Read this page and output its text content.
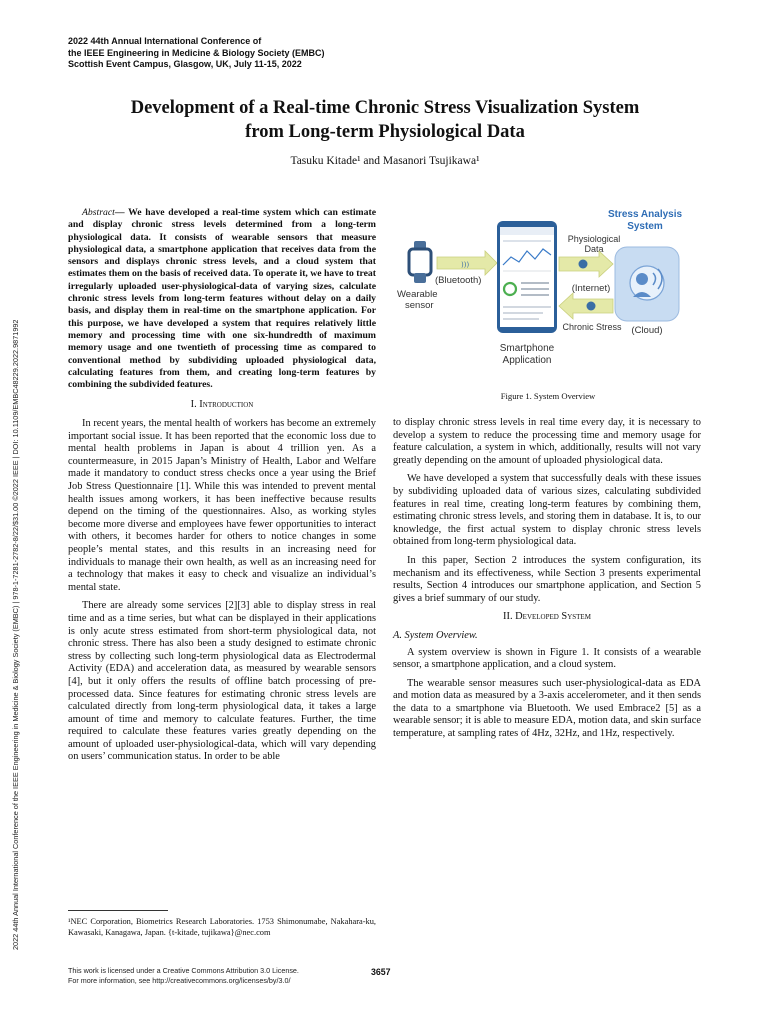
2022 44th Annual International Conference of
the IEEE Engineering in Medicine & Biology Society (EMBC)
Scottish Event Campus, Glasgow, UK, July 11-15, 2022
2022 44th Annual International Conference of the IEEE Engineering in Medicine & Biology Society (EMBC) | 978-1-7281-2782-8/22/$31.00 ©2022 IEEE | DOI: 10.1109/EMBC48229.2022.9871992
Development of a Real-time Chronic Stress Visualization System
from Long-term Physiological Data
Tasuku Kitade¹ and Masanori Tsujikawa¹

Abstract— We have developed a real-time system which can estimate and display chronic stress levels determined from a long-term physiological data. It consists of wearable sensors that measure physiological data, a smartphone application that receives data from the sensors and displays chronic stress levels, and a cloud system that estimates them on the basis of received data. To operate it, we have to treat irregularly uploaded user-physiological-data of varying sizes, calculate chronic stress levels from long-term features without delay on a daily basis, and display them in real-time on the smartphone application. For this purpose, we have developed a system that requires relatively little memory and processing time with one six-hundredth of maximum memory usage and one twentieth of processing time as compared to conventional method by subdividing uploaded physiological data, calculating features from them, and creating long-term features by combining the subdivided features.

I. Introduction

In recent years, the mental health of workers has become an extremely important social issue. It has been reported that the economic loss due to mental health problems in Japan is about 4 trillion yen. As a countermeasure, in 2015 Japan’s Ministry of Health, Labor and Welfare made it mandatory to conduct stress checks once a year using the Brief Job Stress Questionnaire [1]. While this was intended to prevent mental health issues among workers, it has been ineffective because results depend on the timing of the questionnaires. Also, as working styles become more diverse and employees have fewer opportunities to interact with others, it becomes harder for others to notice changes in some people’s mental states, and this results in an increasing need for individuals to manage their own health, as well as an increasing need for a technology that makes it easy to check and visualize an individual’s mental state.

There are already some services [2][3] able to display stress in real time and as a time series, but what can be displayed in their applications is only acute stress estimated from short-term physiological data, not chronic stress. There has also been a study designed to estimate chronic stress by collecting such long-term physiological data as Electrodermal Activity (EDA) and acceleration data, as measured by wearable sensors [4], but it only offers the results of offline batch processing of pre-processed data. Since features for estimating chronic stress levels are calculated directly from long-term physiological data, it takes a large amount of time and memory to calculate features. Further, the time required to calculate these features varies greatly depending on the amount of uploaded user-physiological-data, which will vary depending on users’ communication status. In order to be able

Stress Analysis
System
Wearable
sensor
)))
(Bluetooth)
Smartphone
Application
Physiological
Data
(Internet)
Chronic Stress (Cloud)
Figure 1. System Overview

to display chronic stress levels in real time every day, it is necessary to develop a system to reduce the processing time and memory usage for feature calculation, a system in which, additionally, results will not vary greatly depending on the amount of uploaded physiological data.

We have developed a system that successfully deals with these issues by subdividing uploaded data of various sizes, calculating subdivided features in real time, creating long-term features by combining them, estimating chronic stress levels, and storing them in database. It is, to our knowledge, the first actual system to display chronic stress levels obtained from long-term physiological data.

In this paper, Section 2 introduces the system configuration, its mechanism and its effectiveness, while Section 3 presents experimental results, Section 4 introduces our smartphone application, and Section 5 gives a brief summary of our study.

II. Developed System

A. System Overview.

A system overview is shown in Figure 1. It consists of a wearable sensor, a smartphone application, and a cloud system.

The wearable sensor measures such user-physiological-data as EDA and motion data as measured by a 3-axis accelerometer, and it then sends the data to a smartphone via Bluetooth. We used Embrace2 [5] as a wearable sensor; it is able to measure EDA, motion data, and skin surface temperature, at sampling rates of 4Hz, 32Hz, and 1Hz, respectively.

¹NEC Corporation, Biometrics Research Laboratories. 1753 Shimonumabe, Nakahara-ku, Kawasaki, Kanagawa, Japan. {t-kitade, tujikawa}@nec.com
This work is licensed under a Creative Commons Attribution 3.0 License.
For more information, see http://creativecommons.org/licenses/by/3.0/
3657
